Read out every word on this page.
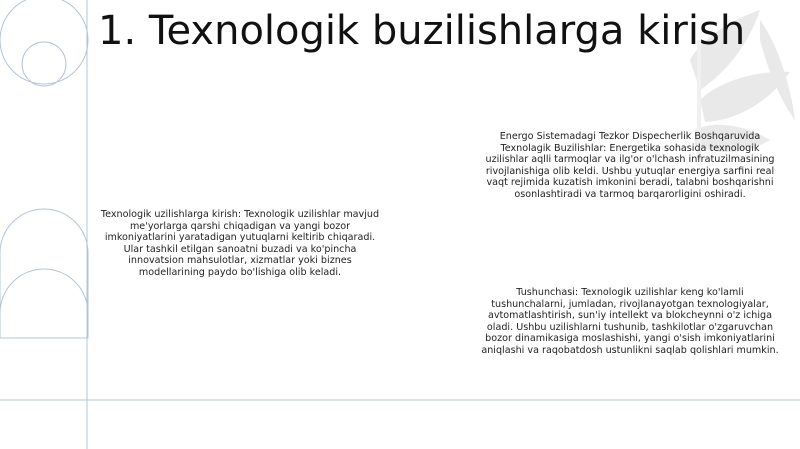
1. Texnologik buzilishlarga kirish

Texnologik uzilishlarga kirish: Texnologik uzilishlar mavjud me'yorlarga qarshi chiqadigan va yangi bozor imkoniyatlarini yaratadigan yutuqlarni keltirib chiqaradi. Ular tashkil etilgan sanoatni buzadi va ko'pincha innovatsion mahsulotlar, xizmatlar yoki biznes modellarining paydo bo'lishiga olib keladi.

Energo Sistemadagi Tezkor Dispecherlik Boshqaruvida Texnolagik Buzilishlar: Energetika sohasida texnologik uzilishlar aqlli tarmoqlar va ilg'or o'lchash infratuzilmasining rivojlanishiga olib keldi. Ushbu yutuqlar energiya sarfini real vaqt rejimida kuzatish imkonini beradi, talabni boshqarishni osonlashtiradi va tarmoq barqarorligini oshiradi.

Tushunchasi: Texnologik uzilishlar keng ko'lamli tushunchalarni, jumladan, rivojlanayotgan texnologiyalar, avtomatlashtirish, sun'iy intellekt va blokcheynni o'z ichiga oladi. Ushbu uzilishlarni tushunib, tashkilotlar o'zgaruvchan bozor dinamikasiga moslashishi, yangi o'sish imkoniyatlarini aniqlashi va raqobatdosh ustunlikni saqlab qolishlari mumkin.
